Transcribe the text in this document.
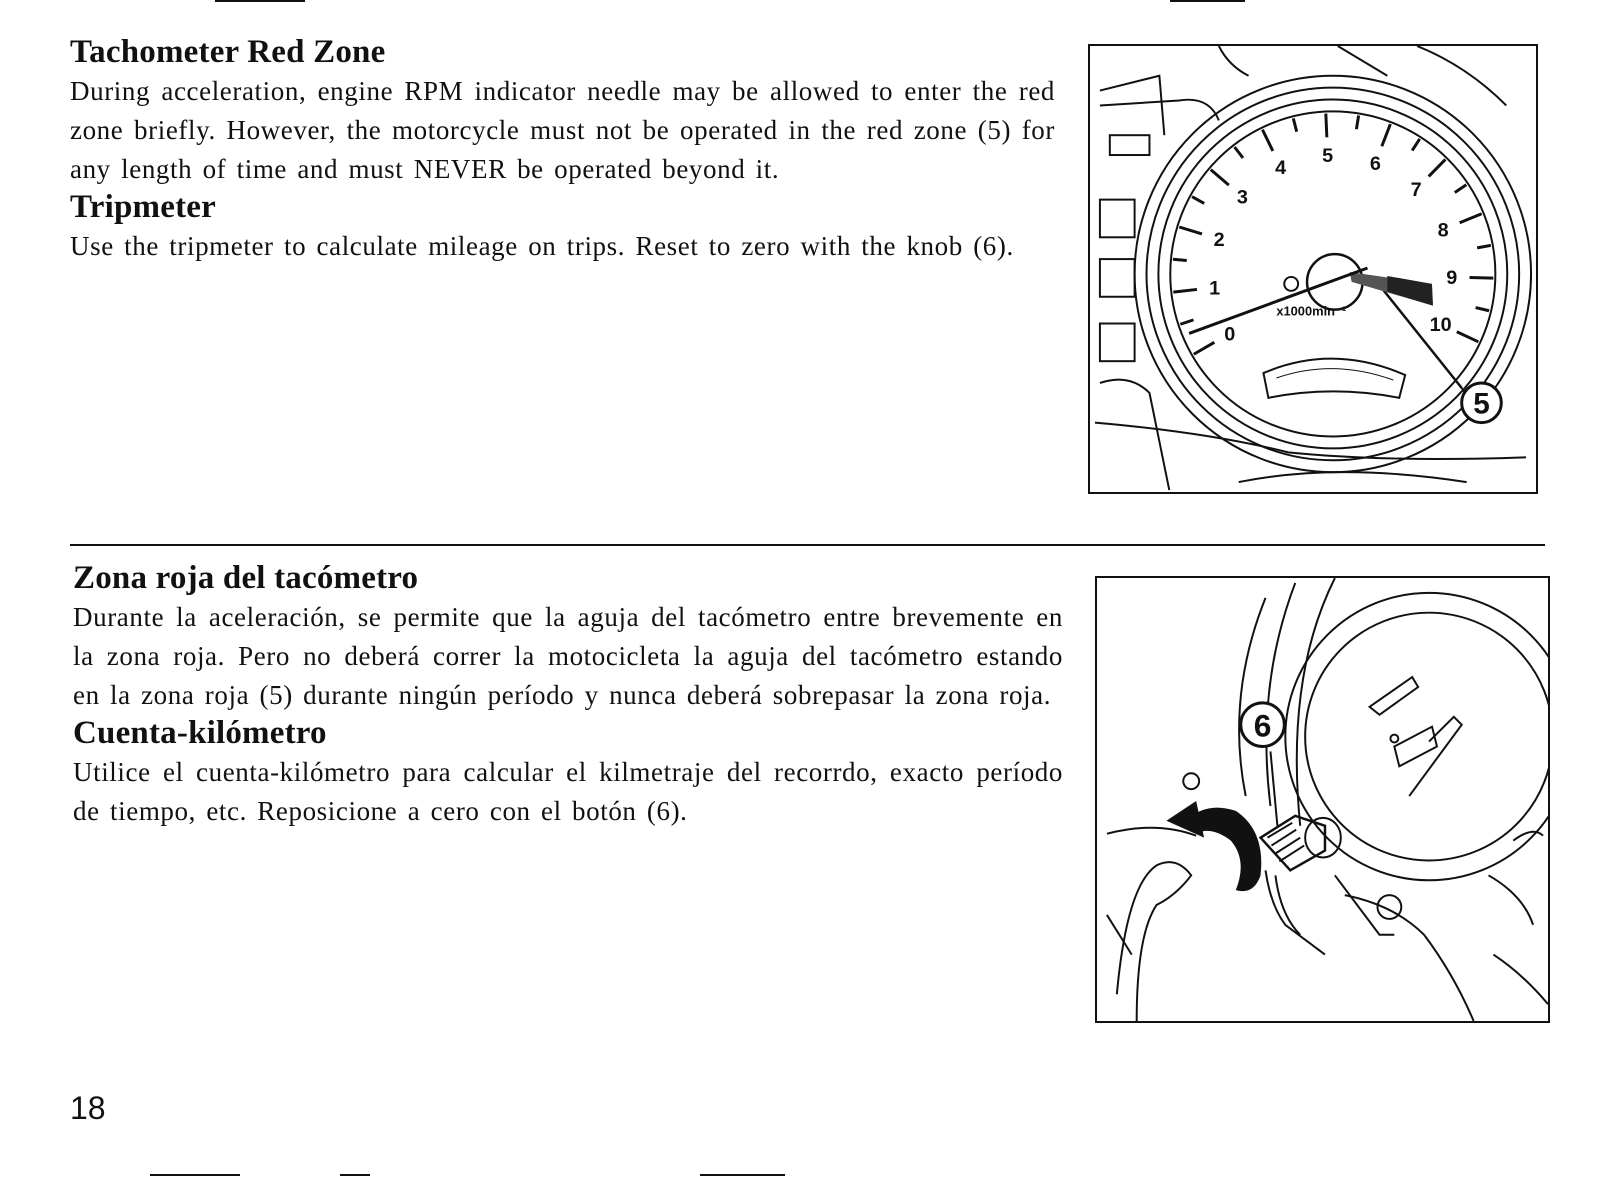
Tachometer Red Zone

During acceleration, engine RPM indicator needle may be allowed to enter the red zone briefly. However, the motorcycle must not be operated in the red zone (5) for any length of time and must NEVER be operated beyond it.

Tripmeter

Use the tripmeter to calculate mileage on trips. Reset to zero with the knob (6).

0
1
2
3
4
5 6
7
8
9
10
x1000min⁻¹
5
Zona roja del tacómetro

Durante la aceleración, se permite que la aguja del tacómetro entre brevemente en la zona roja. Pero no deberá correr la motocicleta la aguja del tacómetro estando en la zona roja (5) durante ningún período y nunca deberá sobrepasar la zona roja.

Cuenta-kilómetro

Utilice el cuenta-kilómetro para calcular el kilmetraje del recorrdo, exacto período de tiempo, etc. Reposicione a cero con el botón (6).

6
18
